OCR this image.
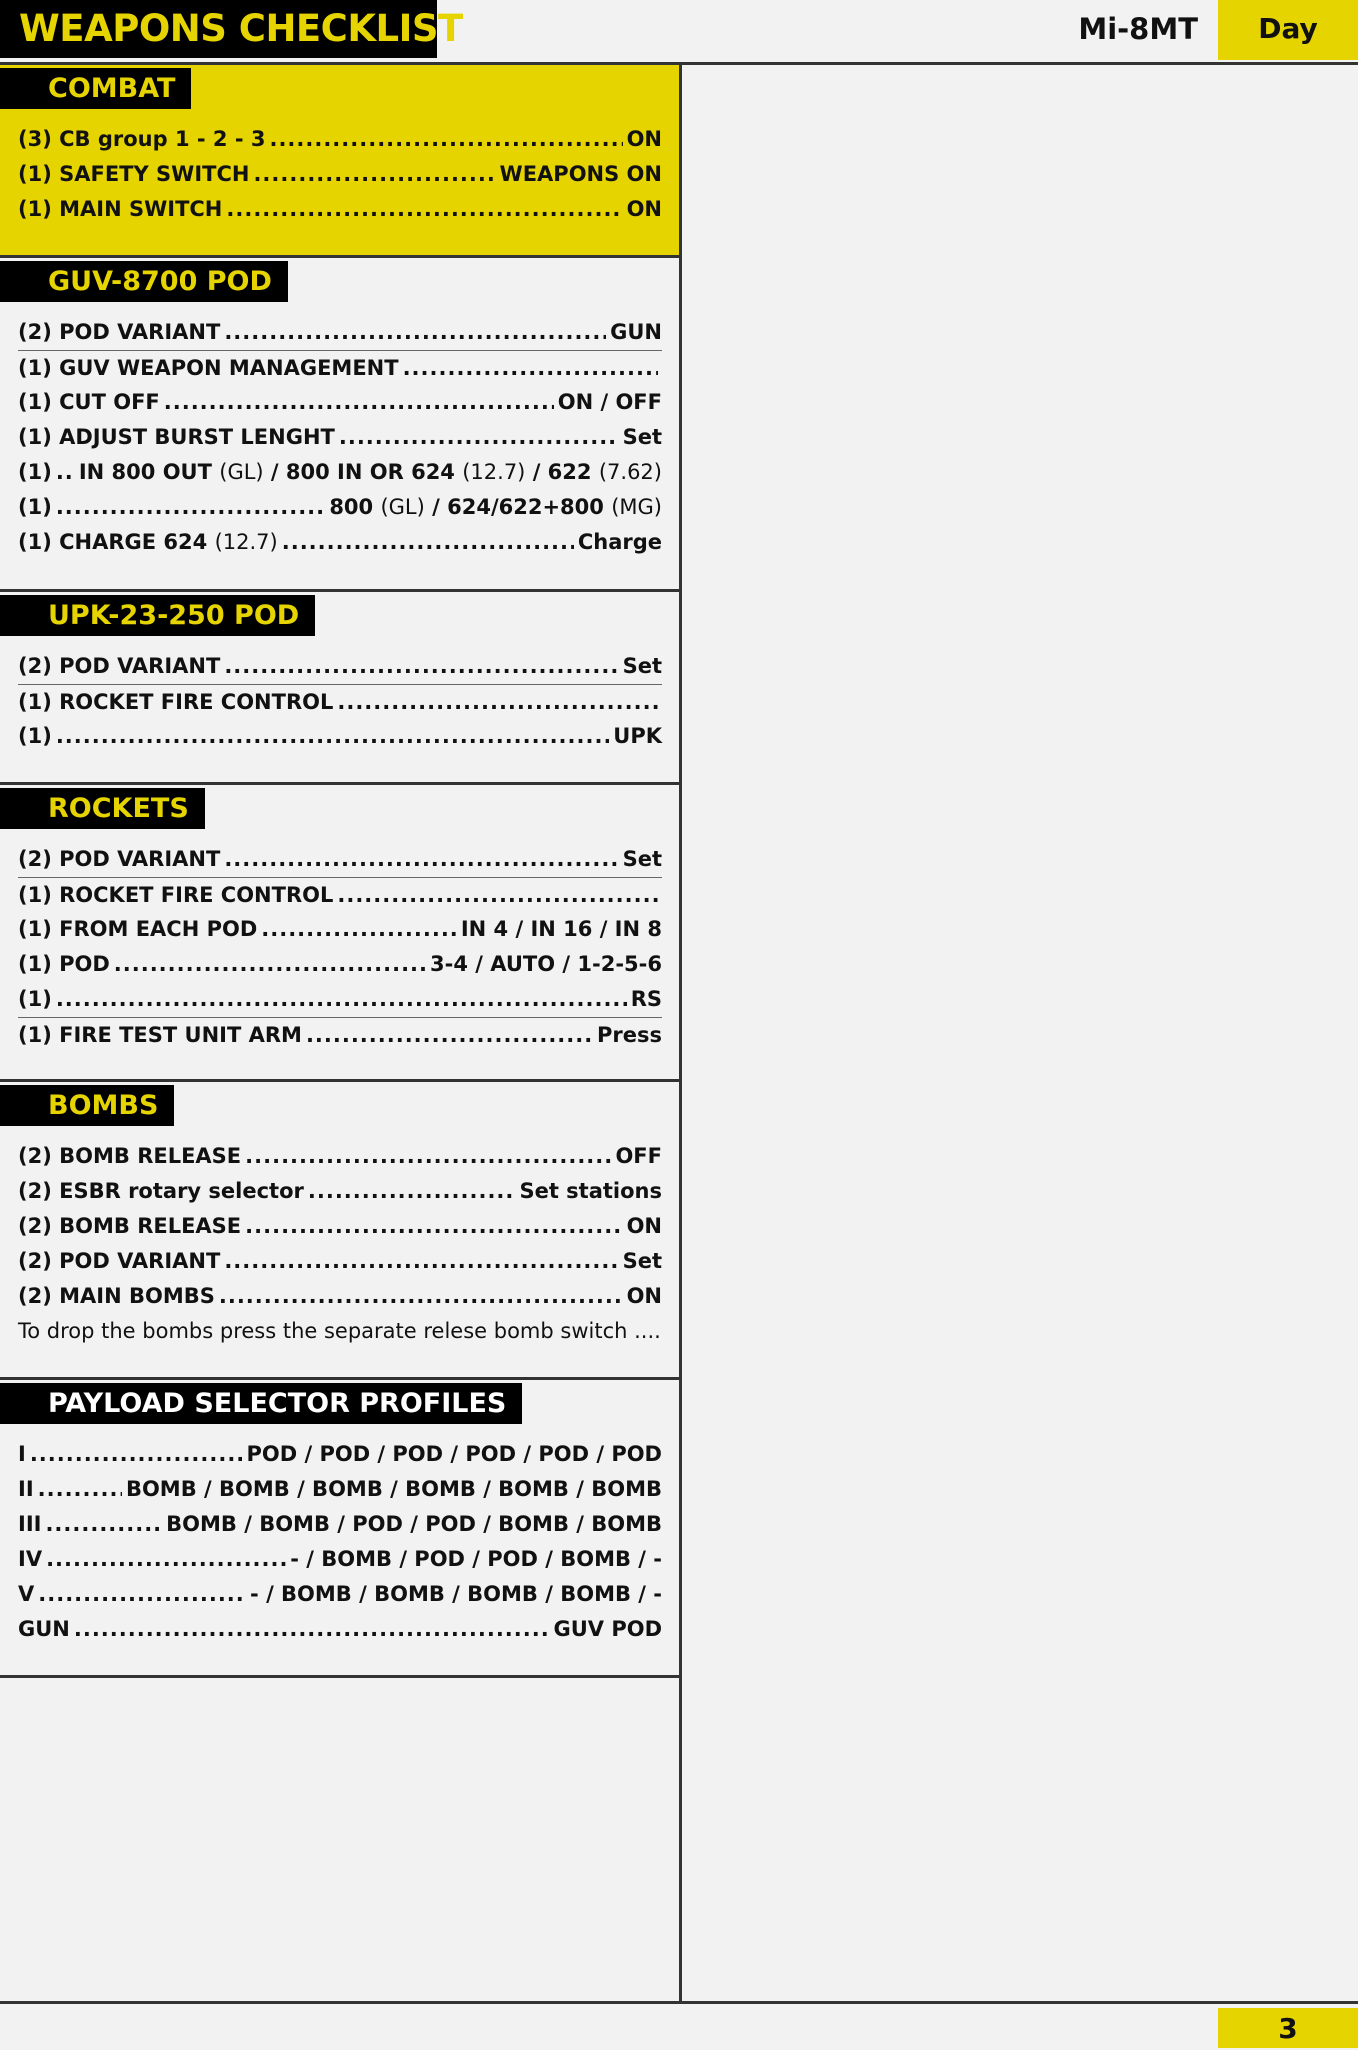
WEAPONS CHECKLIST	Mi-8MT	Day
COMBAT
(3) CB group 1 - 2 - 3 .....	ON
(1) SAFETY SWITCH .....	WEAPONS ON
(1) MAIN SWITCH .....	ON
GUV-8700 POD
(2) POD VARIANT .....	GUN
(1) GUV WEAPON MANAGEMENT
.....
(1) CUT OFF .....	ON / OFF
(1) ADJUST BURST LENGHT .....	Set
(1) ..... IN 800 OUT (GL) / 800 IN OR 624 (12.7) / 622 (7.62)
(1) .....	800 (GL) / 624/622+800 (MG)
(1) CHARGE 624 (12.7) .....	Charge
UPK-23-250 POD
(2) POD VARIANT .....	Set
(1) ROCKET FIRE CONTROL
.....
(1) .....	UPK
ROCKETS
(2) POD VARIANT .....	Set
(1) ROCKET FIRE CONTROL
.....
(1) FROM EACH POD .....	IN 4 / IN 16 / IN 8
(1) POD .....	3-4 / AUTO / 1-2-5-6
(1) .....	RS
(1) FIRE TEST UNIT ARM .....	Press
BOMBS
(2) BOMB RELEASE .....	OFF
(2) ESBR rotary selector .....	Set stations
(2) BOMB RELEASE .....	ON
(2) POD VARIANT .....	Set
(2) MAIN BOMBS .....	ON
To drop the bombs press the separate relese bomb switch ....
PAYLOAD SELECTOR PROFILES
I .....	POD / POD / POD / POD / POD / POD
II .....	BOMB / BOMB / BOMB / BOMB / BOMB / BOMB
III .....	BOMB / BOMB / POD / POD / BOMB / BOMB
IV .....	- / BOMB / POD / POD / BOMB / -
V .....	- / BOMB / BOMB / BOMB / BOMB / -
GUN .....	GUV POD
3
